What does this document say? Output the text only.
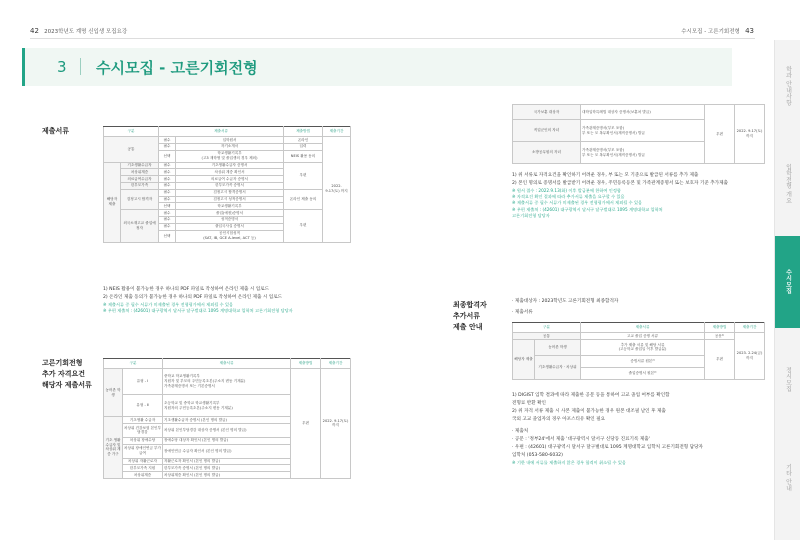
42 2023학년도 계명 신입생 모집요강	수시모집 - 고른기회전형 43
3 수시모집 - 고른기회전형	학과 안내사항
입학전형 개요
수시모집
정시모집
기타 안내
제출서류	구분		제출서류		제출방법	제출기간
공통		필수	입학원서	온라인	2022. 9.17(토) 까지
		필수	자기소개서	입력	
		선택	학교생활기록부
(고3 재학생 및 졸업생의 경우 제외)	NEIS 활용 동의	
해당자 제출	기초생활수급자	필수	기초생활수급자 증명서	우편	
	차상위계층	필수	차상위 계층 확인서		
	의료급여수급자	필수	의료급여 수급자 증명서		
	한부모가족	필수	한부모가족 증명서		
	검정고시 합격자	필수	검정고시 합격증명서	온라인 제출 동의	
		필수	검정고시 성적증명서		
		선택	학교생활기록부		
	외국소재고교 졸업예정자	필수	졸업(예정)증명서	우편	
		필수	성적증명서		
		필수	출입국사실 증명서		
		선택	공인시험성적
(SAT, IB, GCE A-level, ACT 등)		
1) NEIS 활용이 불가능한 경우 하나의 PDF 파일로 작성하여 온라인 제출 시 업로드
2) 온라인 제출 동의가 불가능한 경우 하나의 PDF 파일로 작성하여 온라인 제출 시 업로드
※ 제출서류 중 필수 서류가 미제출된 경우 전형평가에서 제외될 수 있음
※ 우편 제출처 : (42601) 대구광역시 달서구 달구벌대로 1095 계명대학교 입학처 고른기회전형 담당자
고른기회전형
추가 자격요건
해당자 제출서류
구분		제출서류	제출방법	제출기간
농어촌 학생	유형 - Ⅰ	중학교 학교생활기록부
지원자 및 부모의 주민등록초본(주소지 변동 기재분)
가족관계증명서 또는 기본증명서	우편	2022. 9.17(토) 까지
	유형 - Ⅱ	초등학교 및 중학교 학교생활기록부
지원자의 주민등록초본(주소지 변동 기재분)		

기초 생활 수급자 및 차상위 계층 가구	기초생활 수급자	기초생활수급자 증명서 (본인 명의 발급)		
	차상위 건강보험 본인부담경감	차상위 본인부담경감 대상자 증명서 (본인 명의 발급)		
	차상위 장애수당	장애수당 대상자 확인서 (본인 명의 발급)		
	차상위 장애인연금 부가급여	장애인연금 수급자 확인서 (본인 명의 발급)		
	차상위 자활근로자	자활근로자 확인서 (본인 명의 발급)		
	한부모가족 지원	한부모가족 증명서 (본인 명의 발급)		
	차상위계층	차상위계층 확인서 (본인 명의 발급)		
국가보훈 대상자	대학입학특례법 대상자 증명서(보훈처 발급)	우편	2022. 9.17(토) 까지
직업군인의 자녀	가족관계증명서(부모 포함)
부 또는 모 복무확인서(재직증명서) 발급		

소방공무원의 자녀	가족관계증명서(부모 포함)
부 또는 모 복무확인서(재직증명서) 발급		
1) 위 서류로 자격요건을 확인하기 어려운 경우, 부 또는 모 기준으로 발급된 서류를 추가 제출
2) 본인 명의로 증명서를 발급받기 어려운 경우, 주민등록등본 및 가족관계증명서 또는 보호자 기준 추가제출
※ 원서 접수 : 2022.9.13(화) 이후 발급분에 한하여 인정함
※ 자격요건 확인 결과에 따라 추가서류 제출을 요구할 수 있음
※ 제출서류 중 필수 서류가 미제출된 경우 전형평가에서 제외될 수 있음
※ 우편 제출처 : (42601) 대구광역시 달서구 달구벌대로 1095 계명대학교 입학처
고른기회전형 담당자
최종합격자
추가서류
제출 안내
· 제출대상자 : 2023학년도 고른기회전형 최종합격자
· 제출서류
구분		제출서류	제출방법	제출기간
공통		고교 졸업 증명 서류	공문¹⁾	2023. 2.24(금) 까지
해당자 제출	농어촌 학생	추가 제출 서류 및 해당 서류
(고등학교 졸업일 이후 발급분)	우편	
	기초생활수급자 · 차상위	증빙서류 원본²⁾		
		졸업증명서 원본²⁾		
1) DIGIST 입학 결과에 따라 제출한 공문 등을 통하여 고교 졸업 여부를 확인함
전형료 반환 확인
2) 위 자격 서류 제출 시 사본 제출이 불가능한 경우 원본 대조필 날인 후 제출
국외 고교 졸업자의 경우 아포스티유 확인 필요
· 제출처
· 공문 : '정부24'에서 제출 '대구광역시 달서구 신당동 진료기록 제출'
· 우편 : (42601) 대구광역시 달서구 달구벌대로 1095 계명대학교 입학처 고른기회전형 담당자
입학처 (053-580-6032)
※ 기한 내에 서류를 제출하지 않은 경우 합격이 취소될 수 있음
